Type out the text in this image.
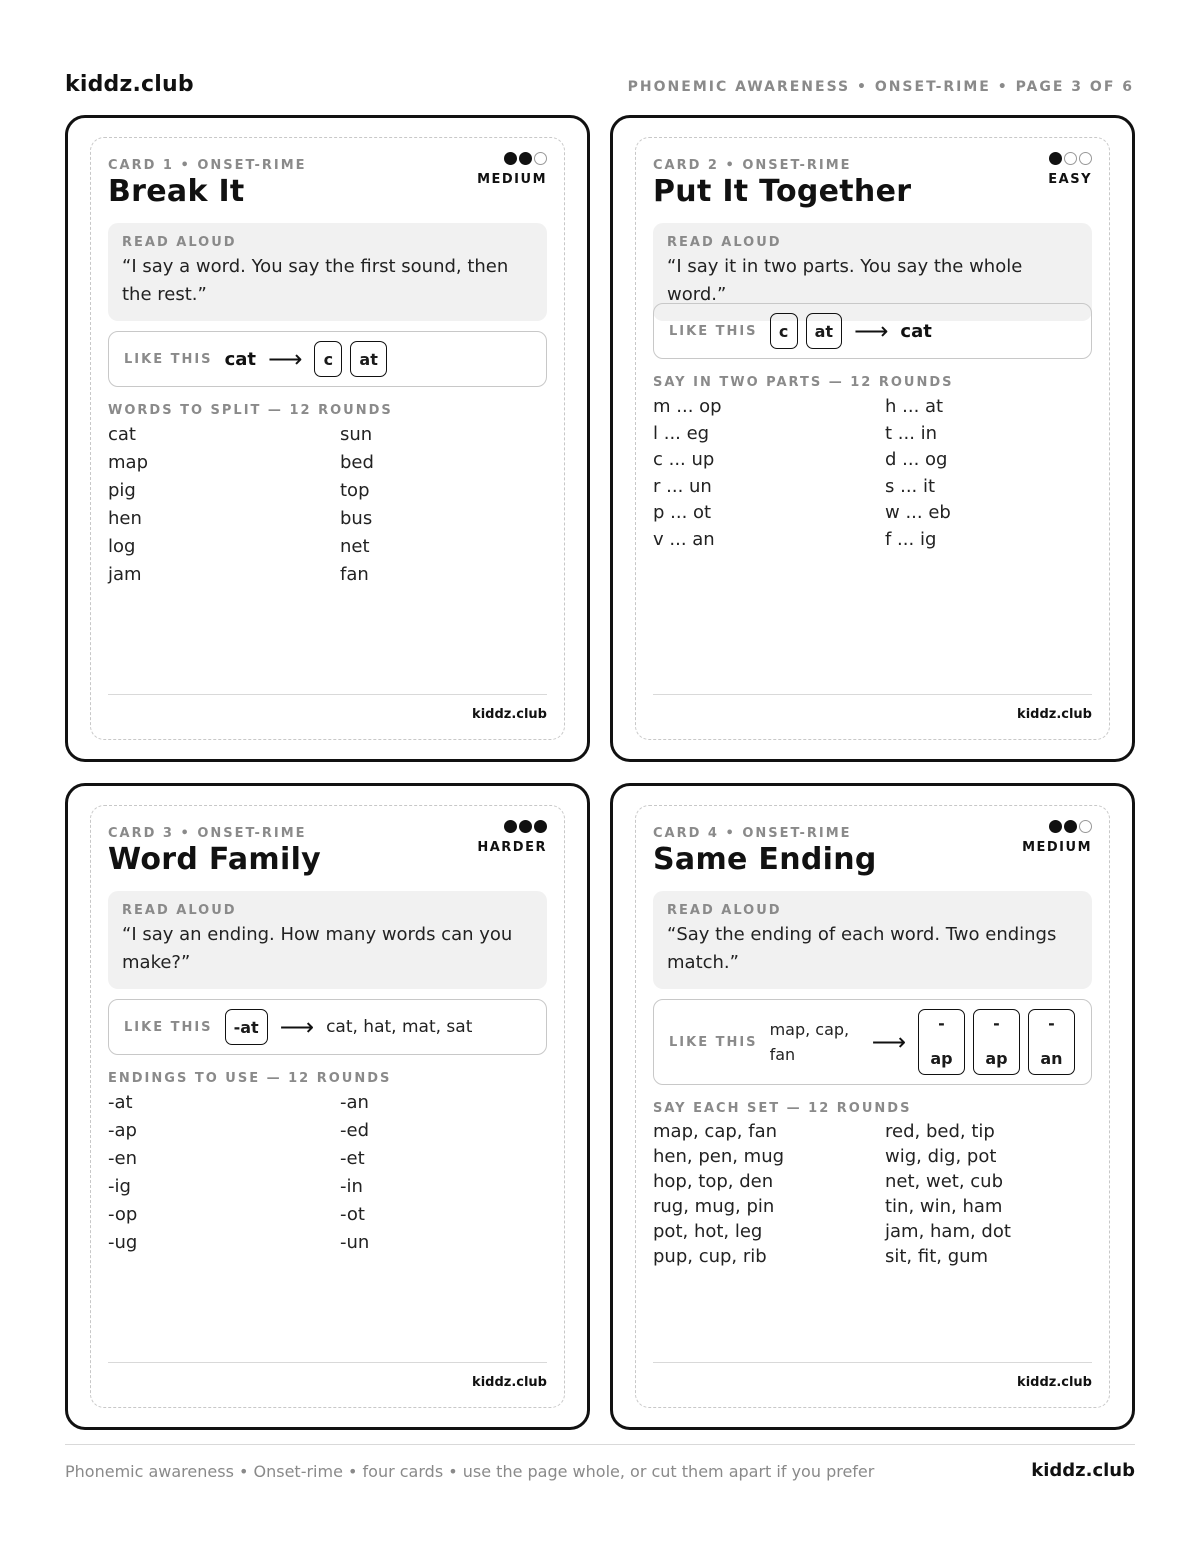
kiddz.club	PHONEMIC AWARENESS • ONSET-RIME • PAGE 3 OF 6
CARD 1 • ONSET-RIME
Break It	MEDIUM
READ ALOUD
“I say a word. You say the first sound, then the rest.”
LIKE THIS cat ⟶	c	at
WORDS TO SPLIT — 12 ROUNDS
cat	sun
map	bed
pig	top
hen	bus
log	net
jam	fan
kiddz.club
CARD 2 • ONSET-RIME
Put It Together	EASY
READ ALOUD
“I say it in two parts. You say the whole word.”
LIKE THIS	c	at ⟶ cat
SAY IN TWO PARTS — 12 ROUNDS
m ... op	h ... at
l ... eg	t ... in
c ... up	d ... og
r ... un	s ... it
p ... ot	w ... eb
v ... an	f ... ig
kiddz.club
CARD 3 • ONSET-RIME
Word Family	HARDER
READ ALOUD
“I say an ending. How many words can you make?”
LIKE THIS	-at ⟶ cat, hat, mat, sat
ENDINGS TO USE — 12 ROUNDS
-at	-an
-ap	-ed
-en	-et
-ig	-in
-op	-ot
-ug	-un
kiddz.club
CARD 4 • ONSET-RIME
Same Ending	MEDIUM
READ ALOUD
“Say the ending of each word. Two endings match.”
LIKE THIS
map, cap, fan	⟶
-
ap
-
ap
-
an
SAY EACH SET — 12 ROUNDS
map, cap, fan	red, bed, tip
hen, pen, mug	wig, dig, pot
hop, top, den	net, wet, cub
rug, mug, pin	tin, win, ham
pot, hot, leg	jam, ham, dot
pup, cup, rib	sit, fit, gum
kiddz.club
Phonemic awareness • Onset-rime • four cards • use the page whole, or cut them apart if you prefer	kiddz.club
